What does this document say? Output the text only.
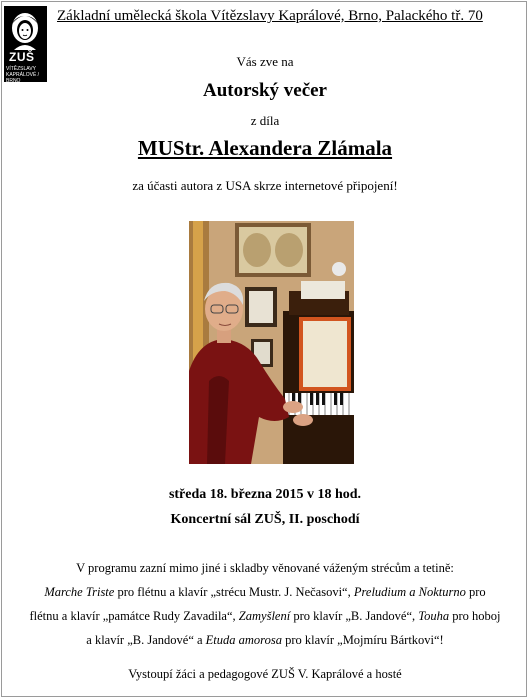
ZUŠ
VÍTĚZSLAVY KAPRÁLOVÉ / BRNO
Základní umělecká škola Vítězslavy Kaprálové, Brno, Palackého tř. 70
Vás zve na
Autorský večer
z díla
MUStr. Alexandera Zlámala
za účasti autora z USA skrze internetové připojení!
středa 18. března 2015 v 18 hod.
Koncertní sál ZUŠ, II. poschodí
V programu zazní mimo jiné i skladby věnované váženým strécům a tetině:
Marche Triste pro flétnu a klavír „strécu Mustr. J. Nečasovi“, Preludium a Nokturno pro
flétnu a klavír „památce Rudy Zavadila“, Zamyšlení pro klavír „B. Jandové“, Touha pro hoboj
a klavír „B. Jandové“ a Etuda amorosa pro klavír „Mojmíru Bártkovi“!
Vystoupí žáci a pedagogové ZUŠ V. Kaprálové a hosté
